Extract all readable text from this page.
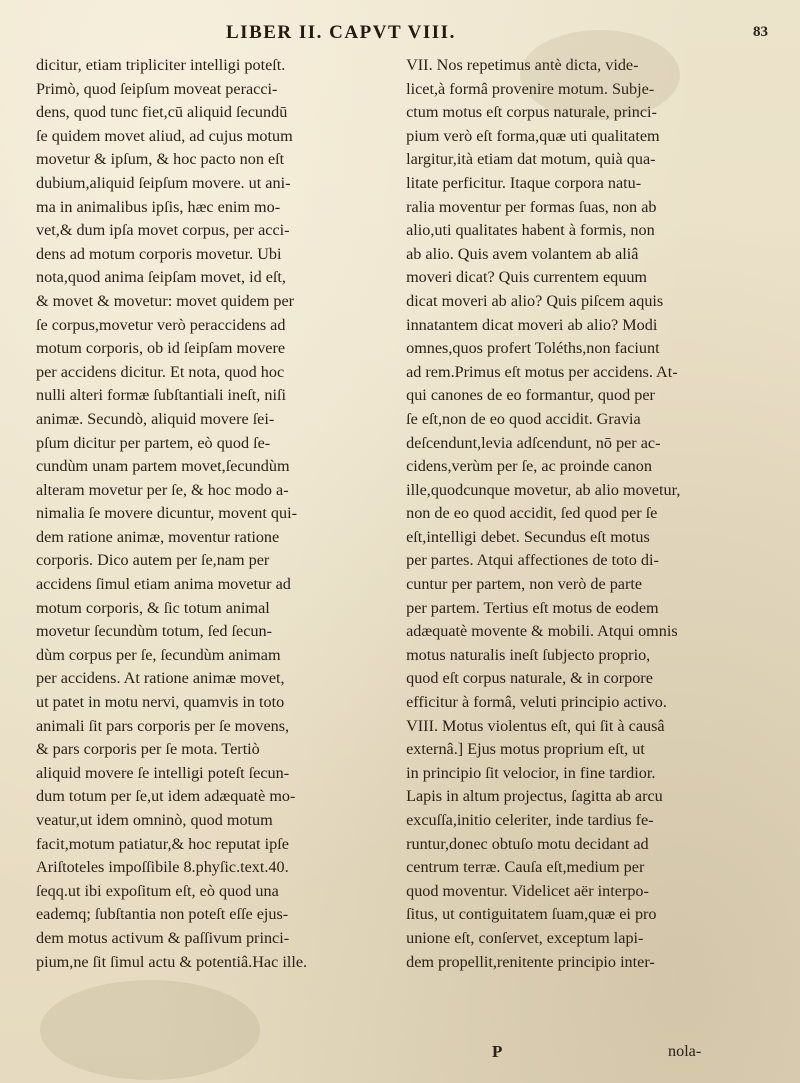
LIBER II. CAPVT VIII.	83

dicitur, etiam tripliciter intelligi poteſt.

Primò, quod ſeipſum moveat peracci-

dens, quod tunc fiet,cū aliquid ſecundū

ſe quidem movet aliud, ad cujus motum

movetur & ipſum, & hoc pacto non eſt

dubium,aliquid ſeipſum movere. ut ani-

ma in animalibus ipſis, hæc enim mo-

vet,& dum ipſa movet corpus, per acci-

dens ad motum corporis movetur. Ubi

nota,quod anima ſeipſam movet, id eſt,

& movet & movetur: movet quidem per

ſe corpus,movetur verò peraccidens ad

motum corporis, ob id ſeipſam movere

per accidens dicitur. Et nota, quod hoc

nulli alteri formæ ſubſtantiali ineſt, niſi

animæ. Secundò, aliquid movere ſei-

pſum dicitur per partem, eò quod ſe-

cundùm unam partem movet,ſecundùm

alteram movetur per ſe, & hoc modo a-

nimalia ſe movere dicuntur, movent qui-

dem ratione animæ, moventur ratione

corporis. Dico autem per ſe,nam per

accidens ſimul etiam anima movetur ad

motum corporis, & ſic totum animal

movetur ſecundùm totum, ſed ſecun-

dùm corpus per ſe, ſecundùm animam

per accidens. At ratione animæ movet,

ut patet in motu nervi, quamvis in toto

animali ſit pars corporis per ſe movens,

& pars corporis per ſe mota. Tertiò

aliquid movere ſe intelligi poteſt ſecun-

dum totum per ſe,ut idem adæquatè mo-

veatur,ut idem omninò, quod motum

facit,motum patiatur,& hoc reputat ipſe

Ariſtoteles impoſſibile 8.phyſic.text.40.

ſeqq.ut ibi expoſitum eſt, eò quod una

eademq; ſubſtantia non poteſt eſſe ejus-

dem motus activum & paſſivum princi-

pium,ne ſit ſimul actu & potentiâ.Hac ille.

VII. Nos repetimus antè dicta, vide-

licet,à formâ provenire motum. Subje-

ctum motus eſt corpus naturale, princi-

pium verò eſt forma,quæ uti qualitatem

largitur,ità etiam dat motum, quià qua-

litate perficitur. Itaque corpora natu-

ralia moventur per formas ſuas, non ab

alio,uti qualitates habent à formis, non

ab alio. Quis avem volantem ab aliâ

moveri dicat? Quis currentem equum

dicat moveri ab alio? Quis piſcem aquis

innatantem dicat moveri ab alio? Modi

omnes,quos profert Toléths,non faciunt

ad rem.Primus eſt motus per accidens. At-

qui canones de eo formantur, quod per

ſe eſt,non de eo quod accidit. Gravia

deſcendunt,levia adſcendunt, nō per ac-

cidens,verùm per ſe, ac proinde canon

ille,quodcunque movetur, ab alio movetur,

non de eo quod accidit, ſed quod per ſe

eſt,intelligi debet. Secundus eſt motus

per partes. Atqui affectiones de toto di-

cuntur per partem, non verò de parte

per partem. Tertius eſt motus de eodem

adæquatè movente & mobili. Atqui omnis

motus naturalis ineſt ſubjecto proprio,

quod eſt corpus naturale, & in corpore

efficitur à formâ, veluti principio activo.

VIII. Motus violentus eſt, qui ſit à causâ

externâ.] Ejus motus proprium eſt, ut

in principio ſit velocior, in fine tardior.

Lapis in altum projectus, ſagitta ab arcu

excuſſa,initio celeriter, inde tardius fe-

runtur,donec obtuſo motu decidant ad

centrum terræ. Cauſa eſt,medium per

quod moventur. Videlicet aër interpo-

ſitus, ut contiguitatem ſuam,quæ ei pro

unione eſt, conſervet, exceptum lapi-

dem propellit,renitente principio inter-

P	nola-
